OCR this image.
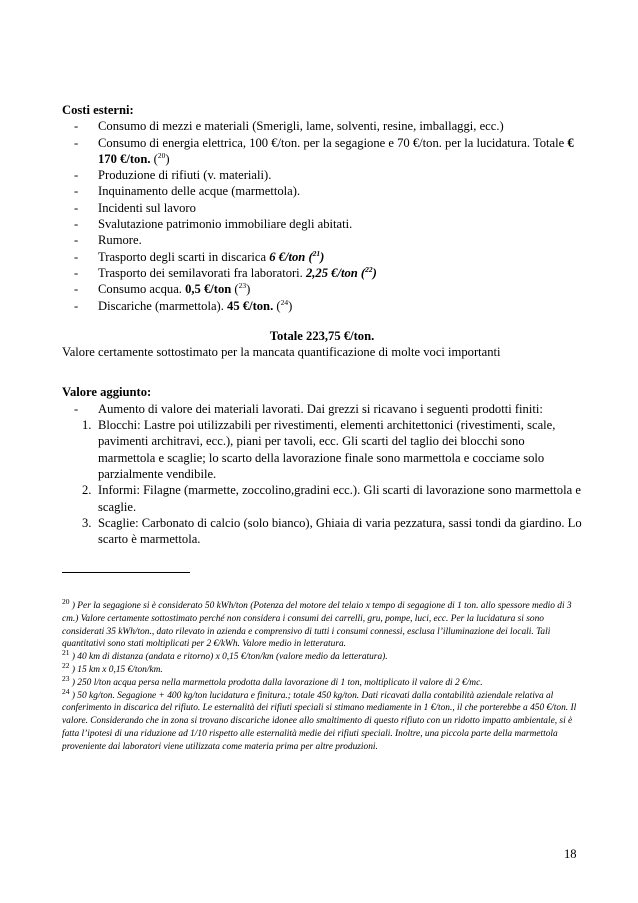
Costi esterni:
- Consumo di mezzi e materiali (Smerigli, lame, solventi, resine, imballaggi, ecc.)
- Consumo di energia elettrica, 100 €/ton. per la segagione e 70 €/ton. per la lucidatura. Totale € 170 €/ton. ($^{20}$)
- Produzione di rifiuti (v. materiali).
- Inquinamento delle acque (marmettola).
- Incidenti sul lavoro
- Svalutazione patrimonio immobiliare degli abitati.
- Rumore.
- Trasporto degli scarti in discarica 6 €/ton ($^{21}$)
- Trasporto dei semilavorati fra laboratori. 2,25 €/ton ($^{22}$)
- Consumo acqua. 0,5 €/ton ($^{23}$)
- Discariche (marmettola). 45 €/ton. ($^{24}$)
Totale 223,75 €/ton.
Valore certamente sottostimato per la mancata quantificazione di molte voci importanti
Valore aggiunto:
- Aumento di valore dei materiali lavorati. Dai grezzi si ricavano i seguenti prodotti finiti:
1. Blocchi: Lastre poi utilizzabili per rivestimenti, elementi architettonici (rivestimenti, scale, pavimenti architravi, ecc.), piani per tavoli, ecc. Gli scarti del taglio dei blocchi sono marmettola e scaglie; lo scarto della lavorazione finale sono marmettola e cocciame solo parzialmente vendibile.
2. Informi: Filagne (marmette, zoccolino,gradini ecc.). Gli scarti di lavorazione sono marmettola e scaglie.
3. Scaglie: Carbonato di calcio (solo bianco), Ghiaia di varia pezzatura, sassi tondi da giardino. Lo scarto è marmettola.

$^{20}$ ) Per la segagione si è considerato 50 kWh/ton (Potenza del motore del telaio x tempo di segagione di 1 ton. allo spessore medio di 3 cm.) Valore certamente sottostimato perché non considera i consumi dei carrelli, gru, pompe, luci, ecc. Per la lucidatura si sono considerati 35 kWh/ton., dato rilevato in azienda e comprensivo di tutti i consumi connessi, esclusa l’illuminazione dei locali. Tali quantitativi sono stati moltiplicati per 2 €/kWh. Valore medio in letteratura.

$^{21}$ ) 40 km di distanza (andata e ritorno) x 0,15 €/ton/km (valore medio da letteratura).

$^{22}$ ) 15 km x 0,15 €/ton/km.

$^{23}$ ) 250 l/ton acqua persa nella marmettola prodotta dalla lavorazione di 1 ton, moltiplicato il valore di 2 €/mc.

$^{24}$ ) 50 kg/ton. Segagione + 400 kg/ton lucidatura e finitura.; totale 450 kg/ton. Dati ricavati dalla contabilità aziendale relativa al conferimento in discarica del rifiuto. Le esternalità dei rifiuti speciali si stimano mediamente in 1 €/ton., il che porterebbe a 450 €/ton. Il valore. Considerando che in zona si trovano discariche idonee allo smaltimento di questo rifiuto con un ridotto impatto ambientale, si è fatta l’ipotesi di una riduzione ad 1/10 rispetto alle esternalità medie dei rifiuti speciali. Inoltre, una piccola parte della marmettola proveniente dai laboratori viene utilizzata come materia prima per altre produzioni.

18
